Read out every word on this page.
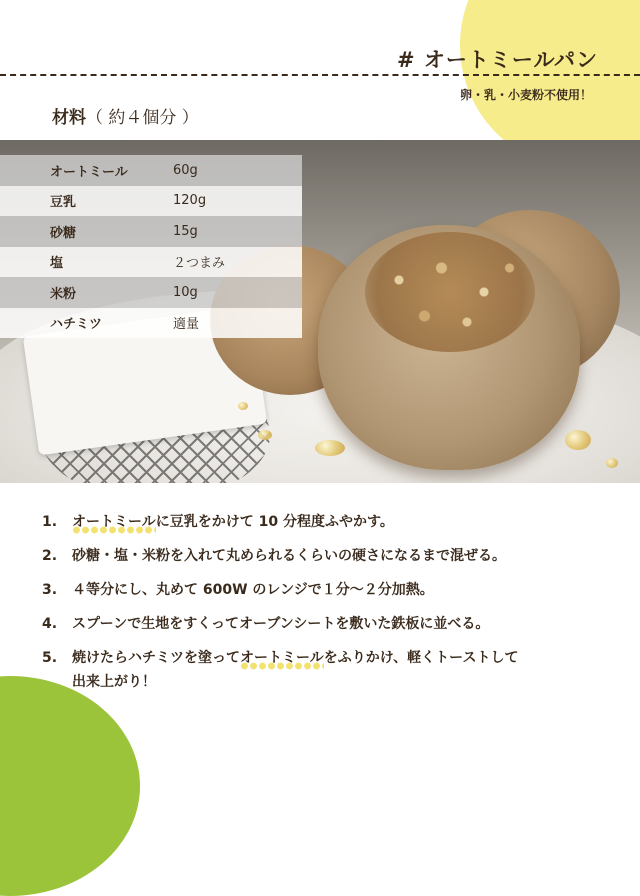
# オートミールパン
卵・乳・小麦粉不使用！
材料（ 約４個分 ）
オートミール	60g
豆乳	120g
砂糖	15g
塩	２つまみ
米粉	10g
ハチミツ	適量
1.	オートミールに豆乳をかけて 10 分程度ふやかす。
2.	砂糖・塩・米粉を入れて丸められるくらいの硬さになるまで混ぜる。
3.	４等分にし、丸めて 600W のレンジで１分〜２分加熱。
4.	スプーンで生地をすくってオーブンシートを敷いた鉄板に並べる。
5.	焼けたらハチミツを塗ってオートミールをふりかけ、軽くトーストして
出来上がり！
